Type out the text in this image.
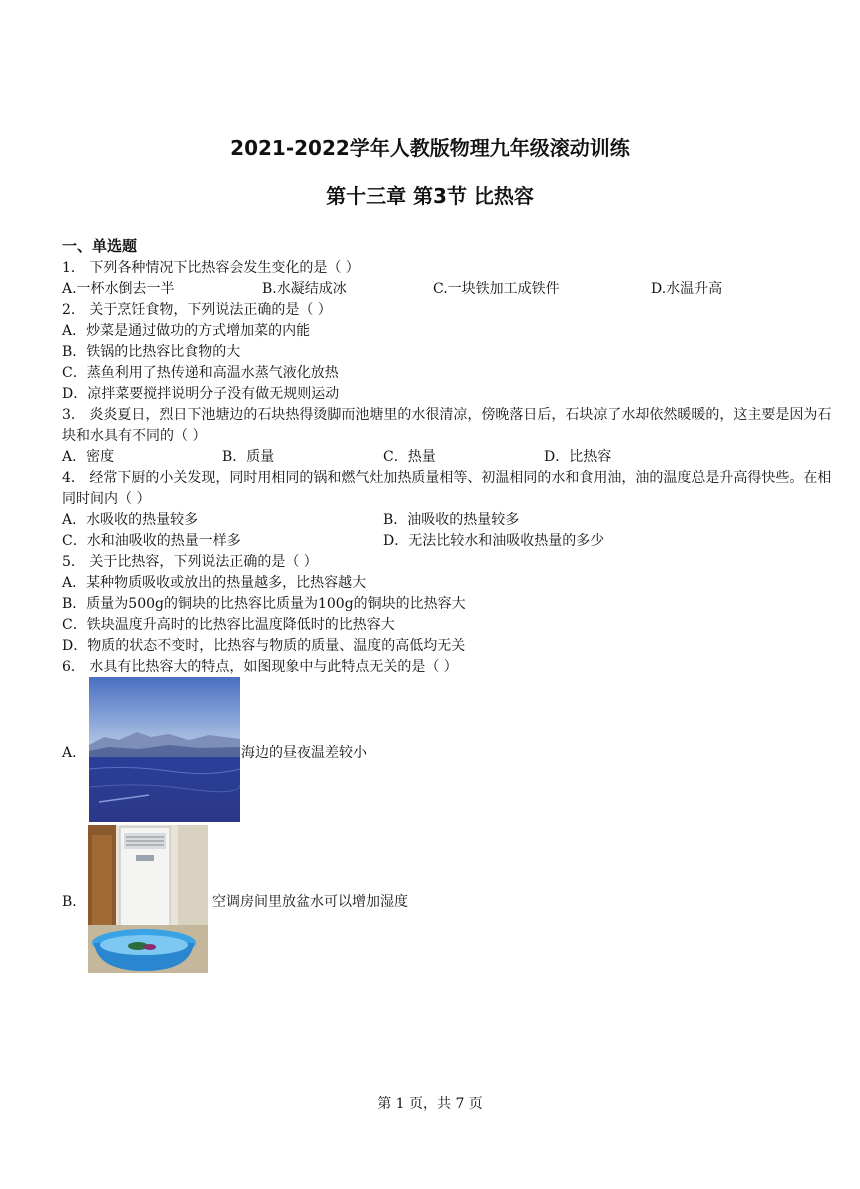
2021-2022学年人教版物理九年级滚动训练
第十三章 第3节 比热容
一、单选题
1． 下列各种情况下比热容会发生变化的是（ ）
A.一杯水倒去一半	B.水凝结成冰	C.一块铁加工成铁件	D.水温升高
2． 关于烹饪食物，下列说法正确的是（ ）
A．炒菜是通过做功的方式增加菜的内能
B．铁锅的比热容比食物的大
C．蒸鱼利用了热传递和高温水蒸气液化放热
D．凉拌菜要搅拌说明分子没有做无规则运动
3． 炎炎夏日，烈日下池塘边的石块热得烫脚而池塘里的水很清凉，傍晚落日后，石块凉了水却依然暖暖的，这主要是因为石块和水具有不同的（ ）
A．密度	B．质量	C．热量	D．比热容
4． 经常下厨的小关发现，同时用相同的锅和燃气灶加热质量相等、初温相同的水和食用油，油的温度总是升高得快些。在相同时间内（ ）
A．水吸收的热量较多	B．油吸收的热量较多
C．水和油吸收的热量一样多	D．无法比较水和油吸收热量的多少
5． 关于比热容，下列说法正确的是（ ）
A．某种物质吸收或放出的热量越多，比热容越大
B．质量为500g的铜块的比热容比质量为100g的铜块的比热容大
C．铁块温度升高时的比热容比温度降低时的比热容大
D．物质的状态不变时，比热容与物质的质量、温度的高低均无关
6． 水具有比热容大的特点，如图现象中与此特点无关的是（ ）
A．	海边的昼夜温差较小
B．	空调房间里放盆水可以增加湿度
第 1 页，共 7 页
